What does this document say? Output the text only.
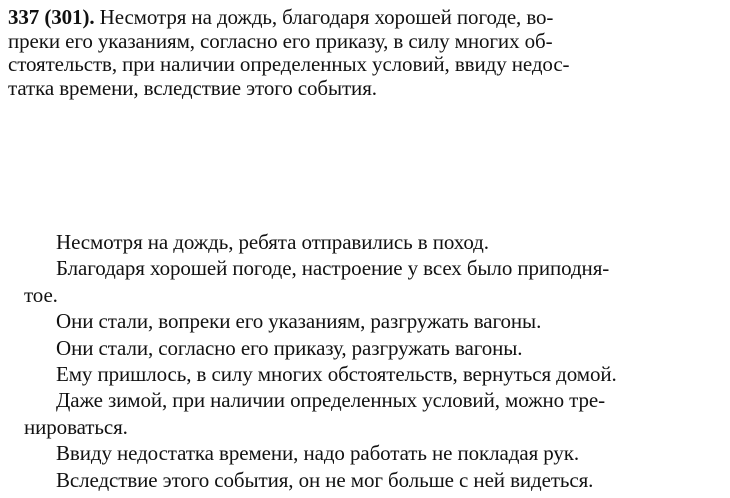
337 (301). Несмотря на дождь, благодаря хорошей погоде, во-
преки его указаниям, согласно его приказу, в силу многих об-
стоятельств, при наличии определенных условий, ввиду недос-
татка времени, вследствие этого события.
Несмотря на дождь, ребята отправились в поход.
Благодаря хорошей погоде, настроение у всех было приподня-
тое.
Они стали, вопреки его указаниям, разгружать вагоны.
Они стали, согласно его приказу, разгружать вагоны.
Ему пришлось, в силу многих обстоятельств, вернуться домой.
Даже зимой, при наличии определенных условий, можно тре-
нироваться.
Ввиду недостатка времени, надо работать не покладая рук.
Вследствие этого события, он не мог больше с ней видеться.
